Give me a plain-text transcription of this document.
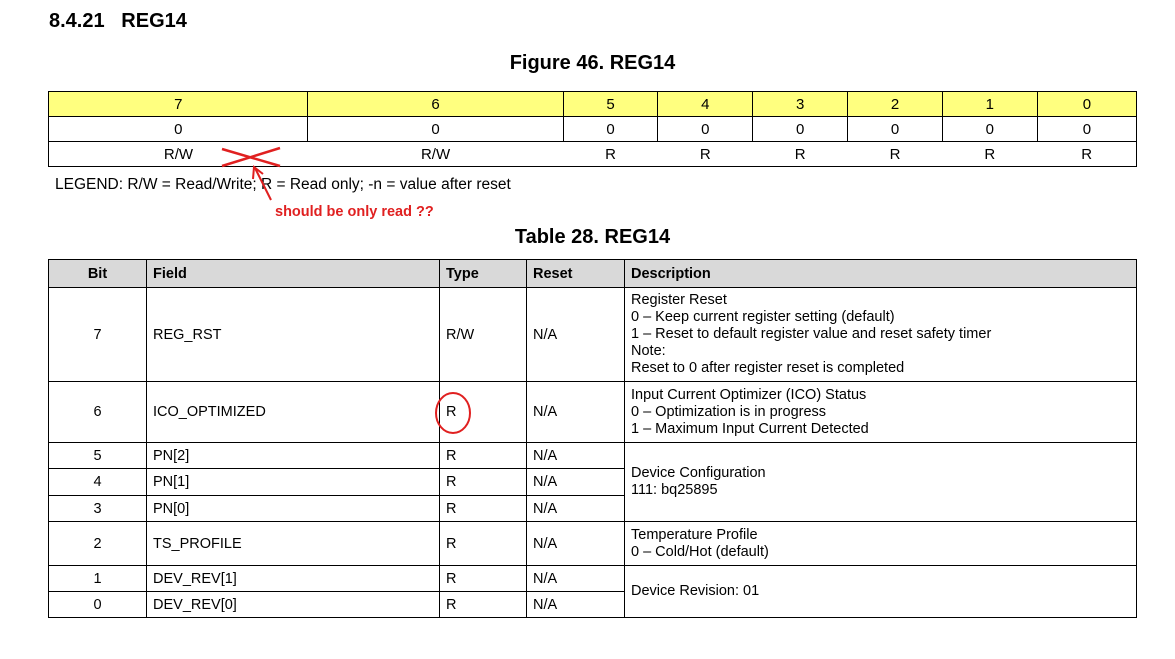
8.4.21 REG14
Figure 46. REG14
7	6	5	4	3	2	1	0
0	0	0	0	0	0	0	0
R/W	R/W	R	R	R	R	R	R
LEGEND: R/W = Read/Write; R = Read only; -n = value after reset
should be only read ??
Table 28. REG14
Bit	Field	Type	Reset	Description
7	REG_RST	R/W	N/A	Register Reset
0 – Keep current register setting (default)
1 – Reset to default register value and reset safety timer
Note:
Reset to 0 after register reset is completed

6	ICO_OPTIMIZED	R	N/A	Input Current Optimizer (ICO) Status
0 – Optimization is in progress
1 – Maximum Input Current Detected

5	PN[2]	R	N/A	Device Configuration
111: bq25895

4	PN[1]	R	N/A	
3	PN[0]	R	N/A	
2	TS_PROFILE	R	N/A	Temperature Profile
0 – Cold/Hot (default)

1	DEV_REV[1]	R	N/A	Device Revision: 01

0	DEV_REV[0]	R	N/A	
